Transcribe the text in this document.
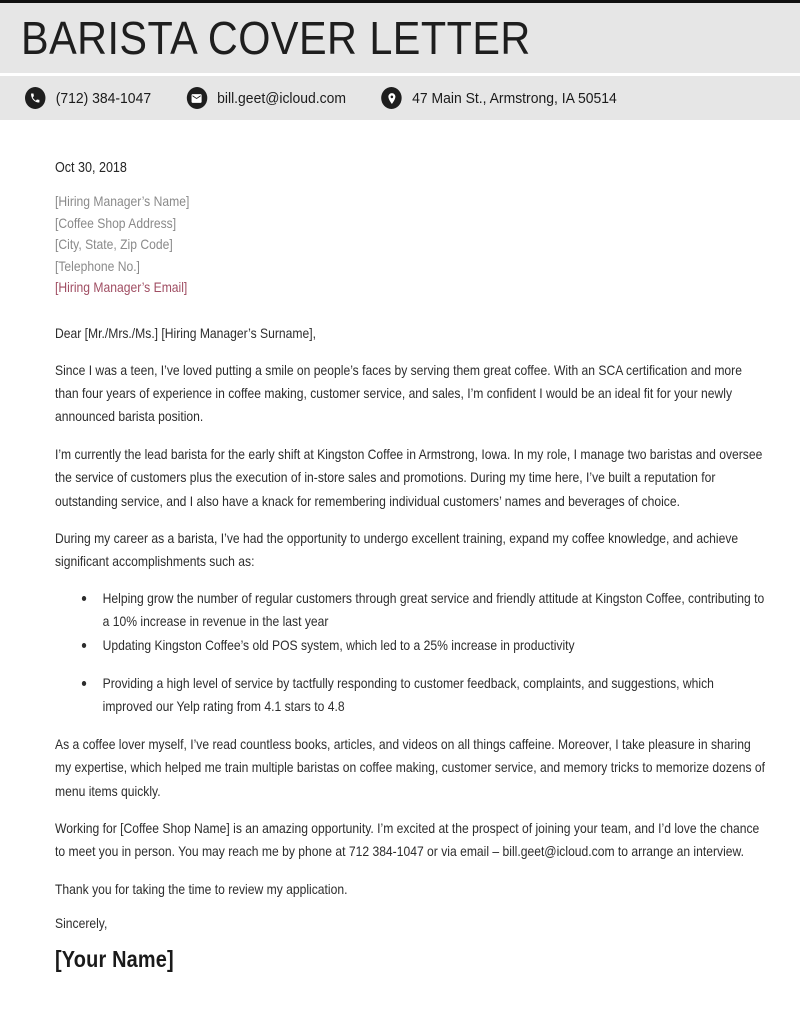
BARISTA COVER LETTER
(712) 384-1047	bill.geet@icloud.com	47 Main St., Armstrong, IA 50514

Oct 30, 2018

[Hiring Manager’s Name]
[Coffee Shop Address]
[City, State, Zip Code]
[Telephone No.]
[Hiring Manager’s Email]

Dear [Mr./Mrs./Ms.] [Hiring Manager’s Surname],

Since I was a teen, I’ve loved putting a smile on people’s faces by serving them great coffee. With an SCA certification and more than four years of experience in coffee making, customer service, and sales, I’m confident I would be an ideal fit for your newly announced barista position.

I’m currently the lead barista for the early shift at Kingston Coffee in Armstrong, Iowa. In my role, I manage two baristas and oversee the service of customers plus the execution of in-store sales and promotions. During my time here, I’ve built a reputation for outstanding service, and I also have a knack for remembering individual customers’ names and beverages of choice.

During my career as a barista, I’ve had the opportunity to undergo excellent training, expand my coffee knowledge, and achieve significant accomplishments such as:

Helping grow the number of regular customers through great service and friendly attitude at Kingston Coffee, contributing to a 10% increase in revenue in the last year
Updating Kingston Coffee’s old POS system, which led to a 25% increase in productivity
Providing a high level of service by tactfully responding to customer feedback, complaints, and suggestions, which improved our Yelp rating from 4.1 stars to 4.8

As a coffee lover myself, I’ve read countless books, articles, and videos on all things caffeine. Moreover, I take pleasure in sharing my expertise, which helped me train multiple baristas on coffee making, customer service, and memory tricks to memorize dozens of menu items quickly.

Working for [Coffee Shop Name] is an amazing opportunity. I’m excited at the prospect of joining your team, and I’d love the chance to meet you in person. You may reach me by phone at 712 384-1047 or via email – bill.geet@icloud.com to arrange an interview.

Thank you for taking the time to review my application.

Sincerely,

[Your Name]
